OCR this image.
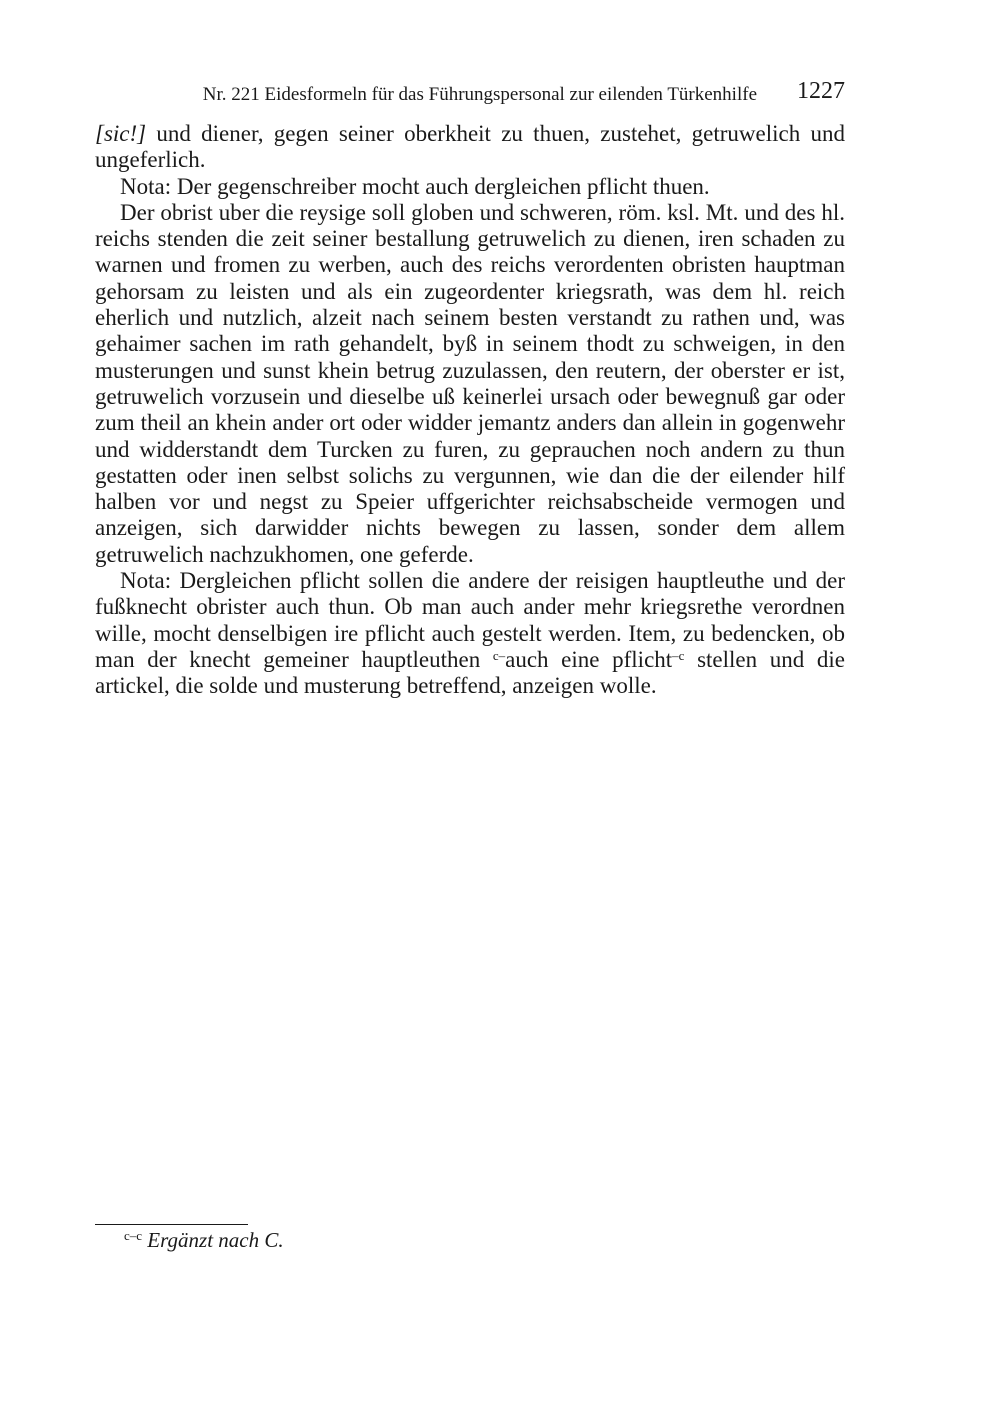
Nr. 221 Eidesformeln für das Führungspersonal zur eilenden Türkenhilfe 1227

[sic!] und diener, gegen seiner oberkheit zu thuen, zustehet, getruwelich und ungeferlich.

Nota: Der gegenschreiber mocht auch dergleichen pflicht thuen.

Der obrist uber die reysige soll globen und schweren, röm. ksl. Mt. und des hl. reichs stenden die zeit seiner bestallung getruwelich zu dienen, iren schaden zu warnen und fromen zu werben, auch des reichs verordenten obristen hauptman gehorsam zu leisten und als ein zugeordenter kriegsrath, was dem hl. reich eherlich und nutzlich, alzeit nach seinem besten verstandt zu rathen und, was gehaimer sachen im rath gehandelt, byß in seinem thodt zu schweigen, in den musterungen und sunst khein betrug zuzulassen, den reutern, der oberster er ist, getruwelich vorzusein und dieselbe uß keinerlei ursach oder bewegnuß gar oder zum theil an khein ander ort oder widder jemantz anders dan allein in gogenwehr und widderstandt dem Turcken zu furen, zu geprauchen noch andern zu thun gestatten oder inen selbst solichs zu vergunnen, wie dan die der eilender hilf halben vor und negst zu Speier uffgerichter reichsabscheide vermogen und anzeigen, sich darwidder nichts bewegen zu lassen, sonder dem allem getruwelich nachzukhomen, one geferde.

Nota: Dergleichen pflicht sollen die andere der reisigen hauptleuthe und der fußknecht obrister auch thun. Ob man auch ander mehr kriegsrethe verordnen wille, mocht denselbigen ire pflicht auch gestelt werden. Item, zu bedencken, ob man der knecht gemeiner hauptleuthen $^{c-}$auch eine pflicht$^{-c}$ stellen und die artickel, die solde und musterung betreffend, anzeigen wolle.

$^{c-c}$ Ergänzt nach C.
